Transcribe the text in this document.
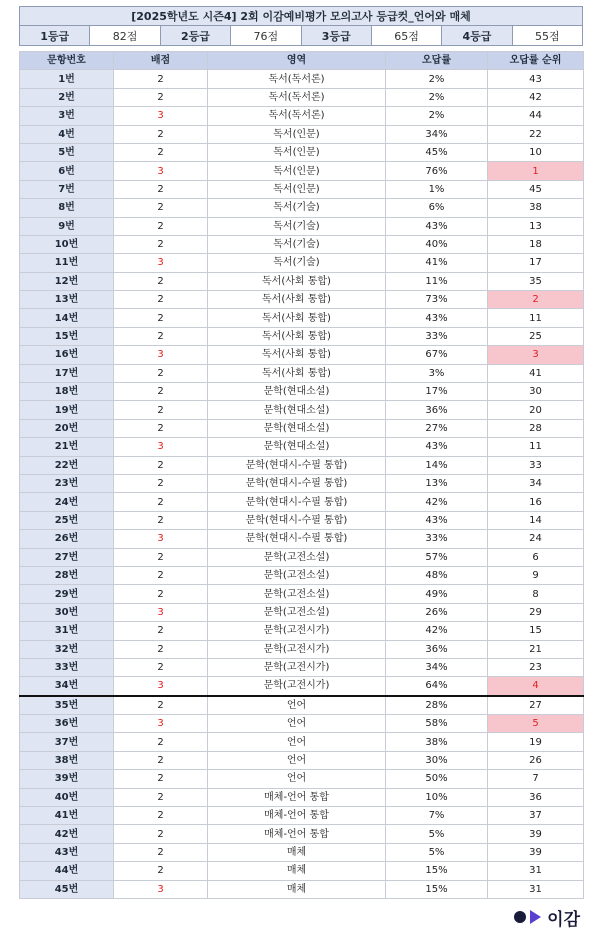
[2025학년도 시즌4] 2회 이감예비평가 모의고사 등급컷_언어와 매체
1등급	82점	2등급	76점	3등급	65점	4등급	55점
문항번호	배점	영역	오답률	오답률 순위
1번	2	독서(독서론)	2%	43
2번	2	독서(독서론)	2%	42
3번	3	독서(독서론)	2%	44
4번	2	독서(인문)	34%	22
5번	2	독서(인문)	45%	10
6번	3	독서(인문)	76%	1
7번	2	독서(인문)	1%	45
8번	2	독서(기술)	6%	38
9번	2	독서(기술)	43%	13
10번	2	독서(기술)	40%	18
11번	3	독서(기술)	41%	17
12번	2	독서(사회 통합)	11%	35
13번	2	독서(사회 통합)	73%	2
14번	2	독서(사회 통합)	43%	11
15번	2	독서(사회 통합)	33%	25
16번	3	독서(사회 통합)	67%	3
17번	2	독서(사회 통합)	3%	41
18번	2	문학(현대소설)	17%	30
19번	2	문학(현대소설)	36%	20
20번	2	문학(현대소설)	27%	28
21번	3	문학(현대소설)	43%	11
22번	2	문학(현대시-수필 통합)	14%	33
23번	2	문학(현대시-수필 통합)	13%	34
24번	2	문학(현대시-수필 통합)	42%	16
25번	2	문학(현대시-수필 통합)	43%	14
26번	3	문학(현대시-수필 통합)	33%	24
27번	2	문학(고전소설)	57%	6
28번	2	문학(고전소설)	48%	9
29번	2	문학(고전소설)	49%	8
30번	3	문학(고전소설)	26%	29
31번	2	문학(고전시가)	42%	15
32번	2	문학(고전시가)	36%	21
33번	2	문학(고전시가)	34%	23
34번	3	문학(고전시가)	64%	4
35번	2	언어	28%	27
36번	3	언어	58%	5
37번	2	언어	38%	19
38번	2	언어	30%	26
39번	2	언어	50%	7
40번	2	매체-언어 통합	10%	36
41번	2	매체-언어 통합	7%	37
42번	2	매체-언어 통합	5%	39
43번	2	매체	5%	39
44번	2	매체	15%	31
45번	3	매체	15%	31
이감
